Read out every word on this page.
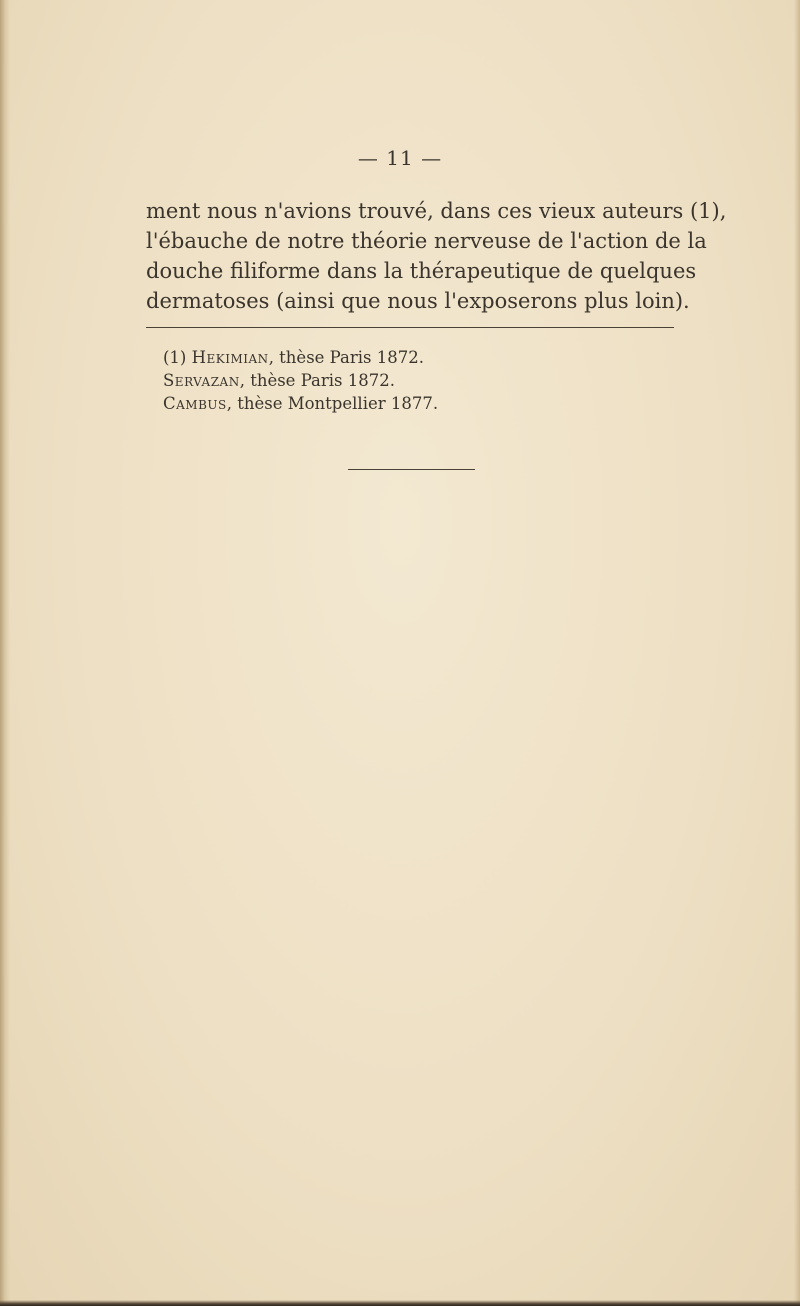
— 11 —
ment nous n'avions trouvé, dans ces vieux auteurs (1),
l'ébauche de notre théorie nerveuse de l'action de la
douche filiforme dans la thérapeutique de quelques
dermatoses (ainsi que nous l'exposerons plus loin).
(1) Hekimian, thèse Paris 1872.
Servazan, thèse Paris 1872.
Cambus, thèse Montpellier 1877.
